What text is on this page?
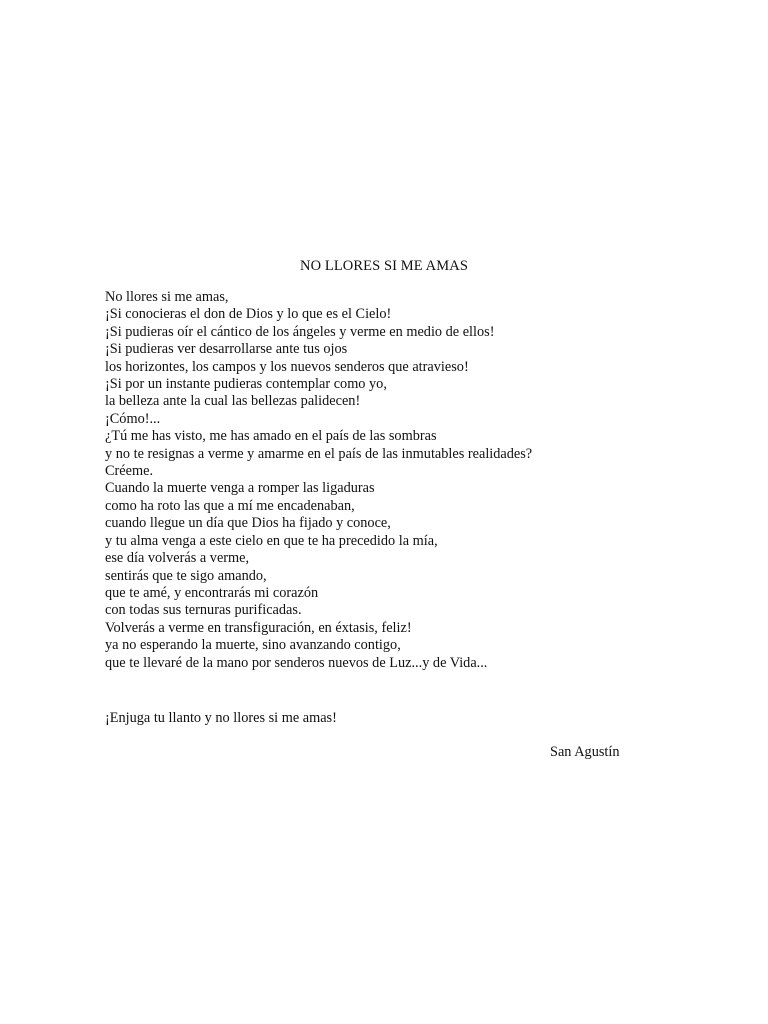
NO LLORES SI ME AMAS
No llores si me amas,
¡Si conocieras el don de Dios y lo que es el Cielo!
¡Si pudieras oír el cántico de los ángeles y verme en medio de ellos!
¡Si pudieras ver desarrollarse ante tus ojos
los horizontes, los campos y los nuevos senderos que atravieso!
¡Si por un instante pudieras contemplar como yo,
la belleza ante la cual las bellezas palidecen!
¡Cómo!...
¿Tú me has visto, me has amado en el país de las sombras
y no te resignas a verme y amarme en el país de las inmutables realidades?
Créeme.
Cuando la muerte venga a romper las ligaduras
como ha roto las que a mí me encadenaban,
cuando llegue un día que Dios ha fijado y conoce,
y tu alma venga a este cielo en que te ha precedido la mía,
ese día volverás a verme,
sentirás que te sigo amando,
que te amé, y encontrarás mi corazón
con todas sus ternuras purificadas.
Volverás a verme en transfiguración, en éxtasis, feliz!
ya no esperando la muerte, sino avanzando contigo,
que te llevaré de la mano por senderos nuevos de Luz...y de Vida...
¡Enjuga tu llanto y no llores si me amas!
San Agustín
